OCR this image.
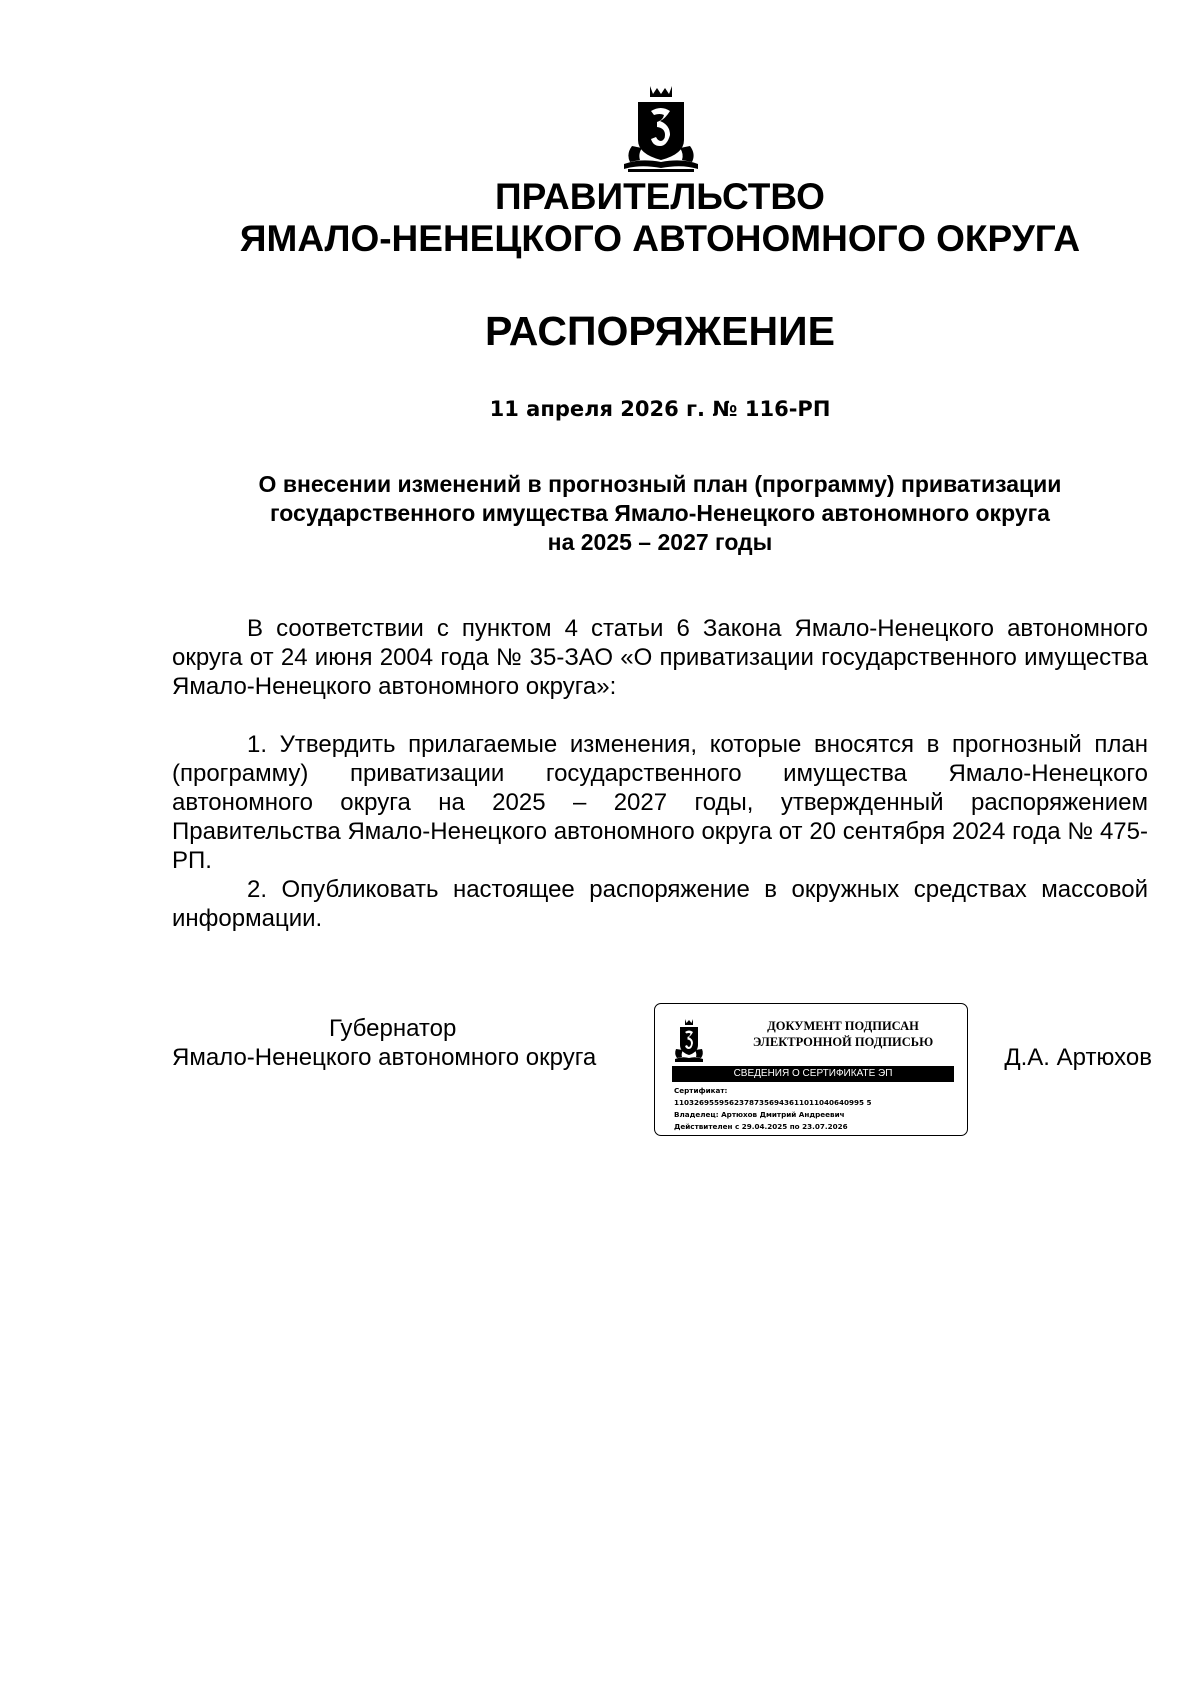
ПРАВИТЕЛЬСТВО
ЯМАЛО-НЕНЕЦКОГО АВТОНОМНОГО ОКРУГА
РАСПОРЯЖЕНИЕ
11 апреля 2026 г. № 116-РП
О внесении изменений в прогнозный план (программу) приватизации
государственного имущества Ямало-Ненецкого автономного округа
на 2025 – 2027 годы

В соответствии с пунктом 4 статьи 6 Закона Ямало-Ненецкого автономного округа от 24 июня 2004 года № 35-ЗАО «О приватизации государственного имущества Ямало-Ненецкого автономного округа»:

1. Утвердить прилагаемые изменения, которые вносятся в прогнозный план (программу) приватизации государственного имущества Ямало-Ненецкого автономного округа на 2025 – 2027 годы, утвержденный распоряжением Правительства Ямало-Ненецкого автономного округа от 20 сентября 2024 года № 475-РП.

2. Опубликовать настоящее распоряжение в окружных средствах массовой информации.

Губернатор
Ямало-Ненецкого автономного округа
ДОКУМЕНТ ПОДПИСАН
ЭЛЕКТРОННОЙ ПОДПИСЬЮ
СВЕДЕНИЯ О СЕРТИФИКАТЕ ЭП
Сертификат:
11032695595623787356943611011040640995 5
Владелец: Артюхов Дмитрий Андреевич
Действителен с 29.04.2025 по 23.07.2026
Д.А. Артюхов
